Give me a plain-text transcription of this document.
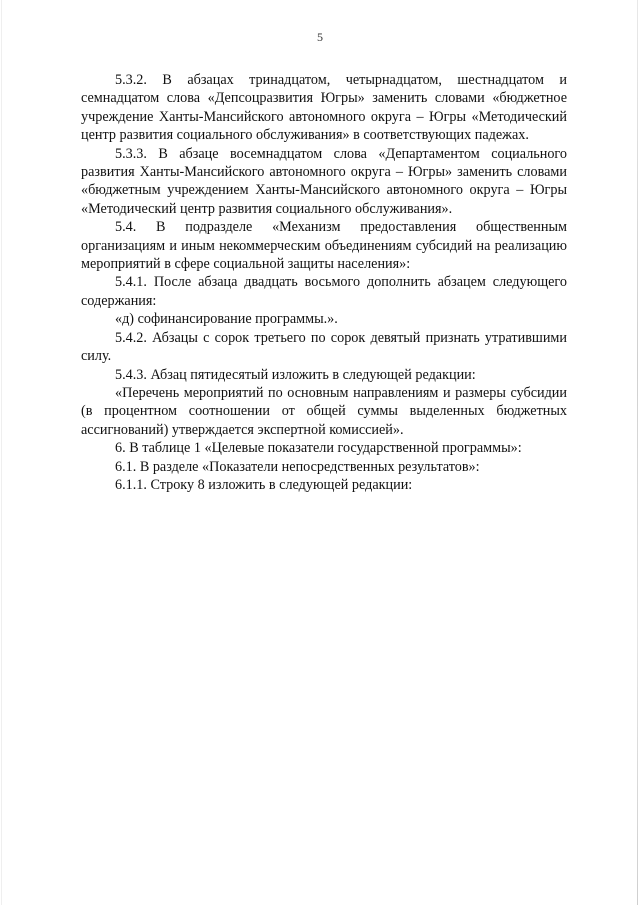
5

5.3.2. В абзацах тринадцатом, четырнадцатом, шестнадцатом и семнадцатом слова «Депсоцразвития Югры» заменить словами «бюджетное учреждение Ханты-Мансийского автономного округа – Югры «Методический центр развития социального обслуживания» в соответствующих падежах.

5.3.3. В абзаце восемнадцатом слова «Департаментом социального развития Ханты-Мансийского автономного округа – Югры» заменить словами «бюджетным учреждением Ханты-Мансийского автономного округа – Югры «Методический центр развития социального обслуживания».

5.4. В подразделе «Механизм предоставления общественным организациям и иным некоммерческим объединениям субсидий на реализацию мероприятий в сфере социальной защиты населения»:

5.4.1. После абзаца двадцать восьмого дополнить абзацем следующего содержания:

«д) софинансирование программы.».

5.4.2. Абзацы с сорок третьего по сорок девятый признать утратившими силу.

5.4.3. Абзац пятидесятый изложить в следующей редакции:

«Перечень мероприятий по основным направлениям и размеры субсидии (в процентном соотношении от общей суммы выделенных бюджетных ассигнований) утверждается экспертной комиссией».

6. В таблице 1 «Целевые показатели государственной программы»:

6.1. В разделе «Показатели непосредственных результатов»:

6.1.1. Строку 8 изложить в следующей редакции:
